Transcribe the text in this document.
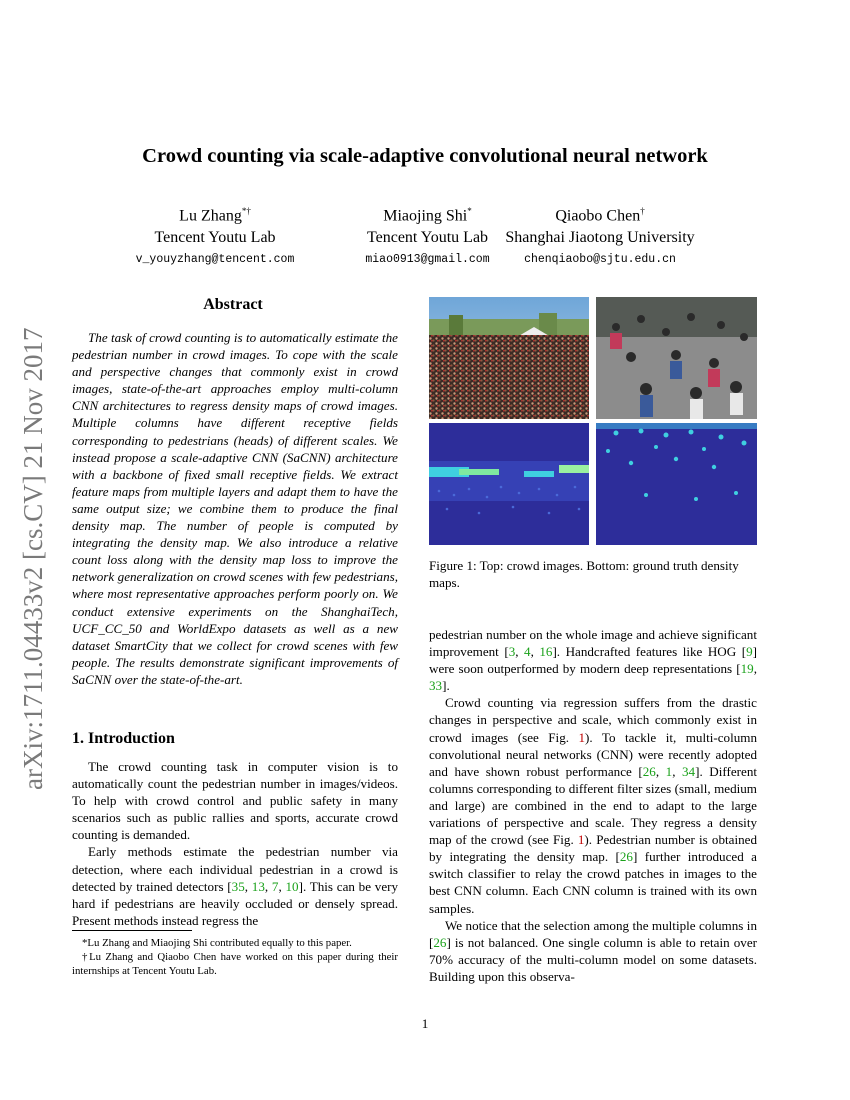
arXiv:1711.04433v2 [cs.CV] 21 Nov 2017
Crowd counting via scale-adaptive convolutional neural network
Lu Zhang*†
Tencent Youtu Lab
v_youyzhang@tencent.com
Miaojing Shi*
Tencent Youtu Lab
miao0913@gmail.com
Qiaobo Chen†
Shanghai Jiaotong University
chenqiaobo@sjtu.edu.cn
Abstract

The task of crowd counting is to automatically estimate the pedestrian number in crowd images. To cope with the scale and perspective changes that commonly exist in crowd images, state-of-the-art approaches employ multi-column CNN architectures to regress density maps of crowd images. Multiple columns have different receptive fields corresponding to pedestrians (heads) of different scales. We instead propose a scale-adaptive CNN (SaCNN) architecture with a backbone of fixed small receptive fields. We extract feature maps from multiple layers and adapt them to have the same output size; we combine them to produce the final density map. The number of people is computed by integrating the density map. We also introduce a relative count loss along with the density map loss to improve the network generalization on crowd scenes with few pedestrians, where most representative approaches perform poorly on. We conduct extensive experiments on the ShanghaiTech, UCF_CC_50 and WorldExpo datasets as well as a new dataset SmartCity that we collect for crowd scenes with few people. The results demonstrate significant improvements of SaCNN over the state-of-the-art.

1. Introduction

The crowd counting task in computer vision is to automatically count the pedestrian number in images/videos. To help with crowd control and public safety in many scenarios such as public rallies and sports, accurate crowd counting is demanded.

Early methods estimate the pedestrian number via detection, where each individual pedestrian in a crowd is detected by trained detectors [35, 13, 7, 10]. This can be very hard if pedestrians are heavily occluded or densely spread. Present methods instead regress the

*Lu Zhang and Miaojing Shi contributed equally to this paper.

†Lu Zhang and Qiaobo Chen have worked on this paper during their internships at Tencent Youtu Lab.

Figure 1: Top: crowd images. Bottom: ground truth density maps.

pedestrian number on the whole image and achieve significant improvement [3, 4, 16]. Handcrafted features like HOG [9] were soon outperformed by modern deep representations [19, 33].

Crowd counting via regression suffers from the drastic changes in perspective and scale, which commonly exist in crowd images (see Fig. 1). To tackle it, multi-column convolutional neural networks (CNN) were recently adopted and have shown robust performance [26, 1, 34]. Different columns corresponding to different filter sizes (small, medium and large) are combined in the end to adapt to the large variations of perspective and scale. They regress a density map of the crowd (see Fig. 1). Pedestrian number is obtained by integrating the density map. [26] further introduced a switch classifier to relay the crowd patches in images to the best CNN column. Each CNN column is trained with its own samples.

We notice that the selection among the multiple columns in [26] is not balanced. One single column is able to retain over 70% accuracy of the multi-column model on some datasets. Building upon this observa-

1
